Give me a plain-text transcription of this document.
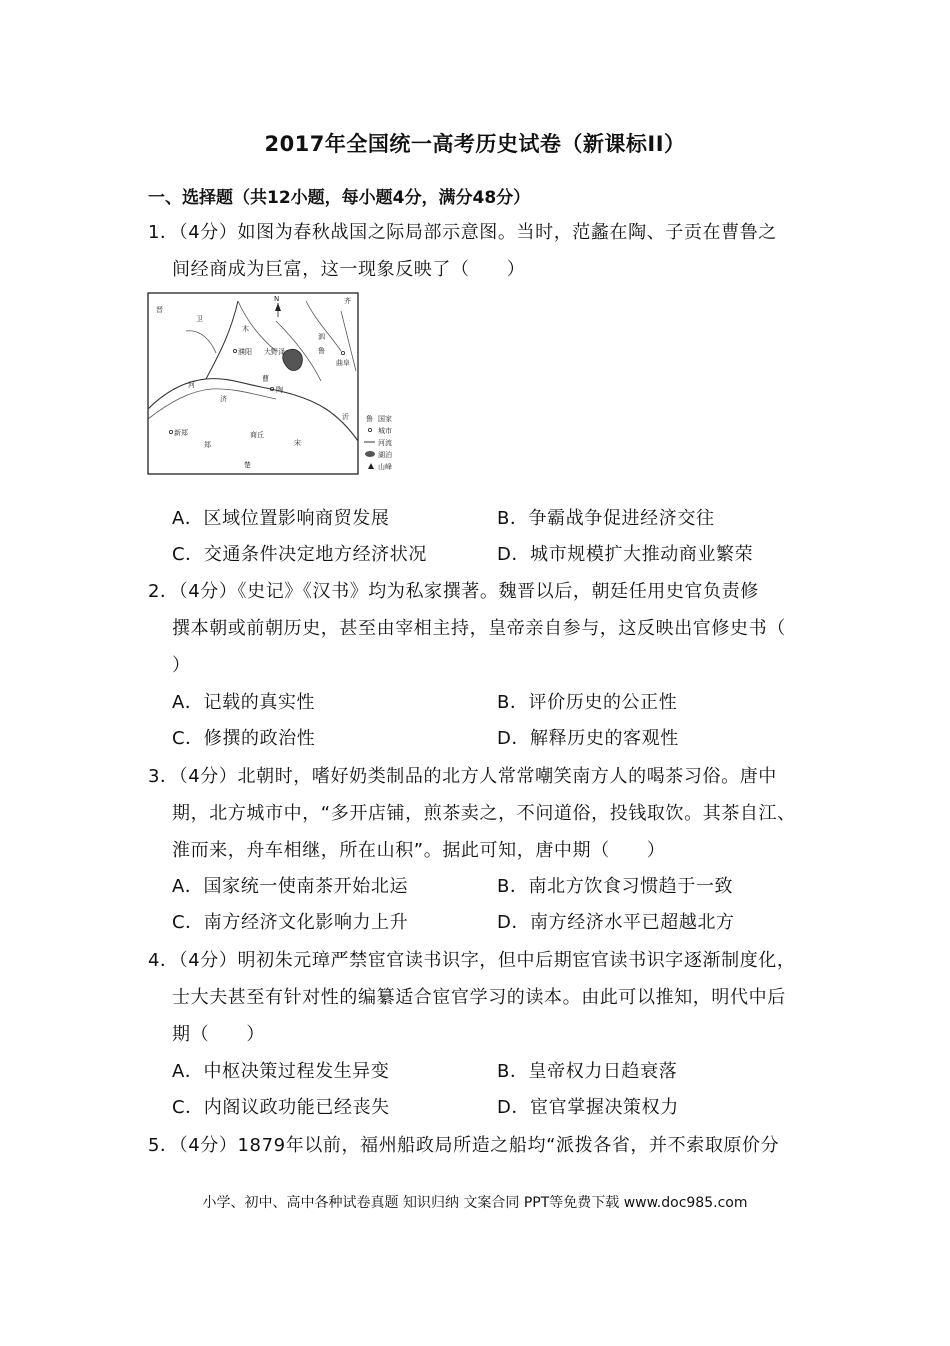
2017年全国统一高考历史试卷（新课标II）
一、选择题（共12小题，每小题4分，满分48分）
1．（4分）如图为春秋战国之际局部示意图。当时，范蠡在陶、子贡在曹鲁之
间经商成为巨富，这一现象反映了（　　）
晋
卫
N
濮阳 大野泽
齐
鲁
曲阜
曹
陶
河
济
新郑	商丘
郑	宋
楚
木
泗
沂 鲁 国家
城市
河流
湖泊
山峰
A．区域位置影响商贸发展	B．争霸战争促进经济交往
C．交通条件决定地方经济状况	D．城市规模扩大推动商业繁荣
2．（4分）《史记》《汉书》均为私家撰著。魏晋以后，朝廷任用史官负责修
撰本朝或前朝历史，甚至由宰相主持，皇帝亲自参与，这反映出官修史书（
）
A．记载的真实性	B．评价历史的公正性
C．修撰的政治性	D．解释历史的客观性
3．（4分）北朝时，嗜好奶类制品的北方人常常嘲笑南方人的喝茶习俗。唐中
期，北方城市中，“多开店铺，煎茶卖之，不问道俗，投钱取饮。其茶自江、
淮而来，舟车相继，所在山积”。据此可知，唐中期（　　）
A．国家统一使南茶开始北运	B．南北方饮食习惯趋于一致
C．南方经济文化影响力上升	D．南方经济水平已超越北方
4．（4分）明初朱元璋严禁宦官读书识字，但中后期宦官读书识字逐渐制度化，
士大夫甚至有针对性的编纂适合宦官学习的读本。由此可以推知，明代中后
期（　　）
A．中枢决策过程发生异变	B．皇帝权力日趋衰落
C．内阁议政功能已经丧失	D．宦官掌握决策权力
5．（4分）1879年以前，福州船政局所造之船均“派拨各省，并不索取原价分
小学、初中、高中各种试卷真题 知识归纳 文案合同 PPT等免费下载 www.doc985.com
